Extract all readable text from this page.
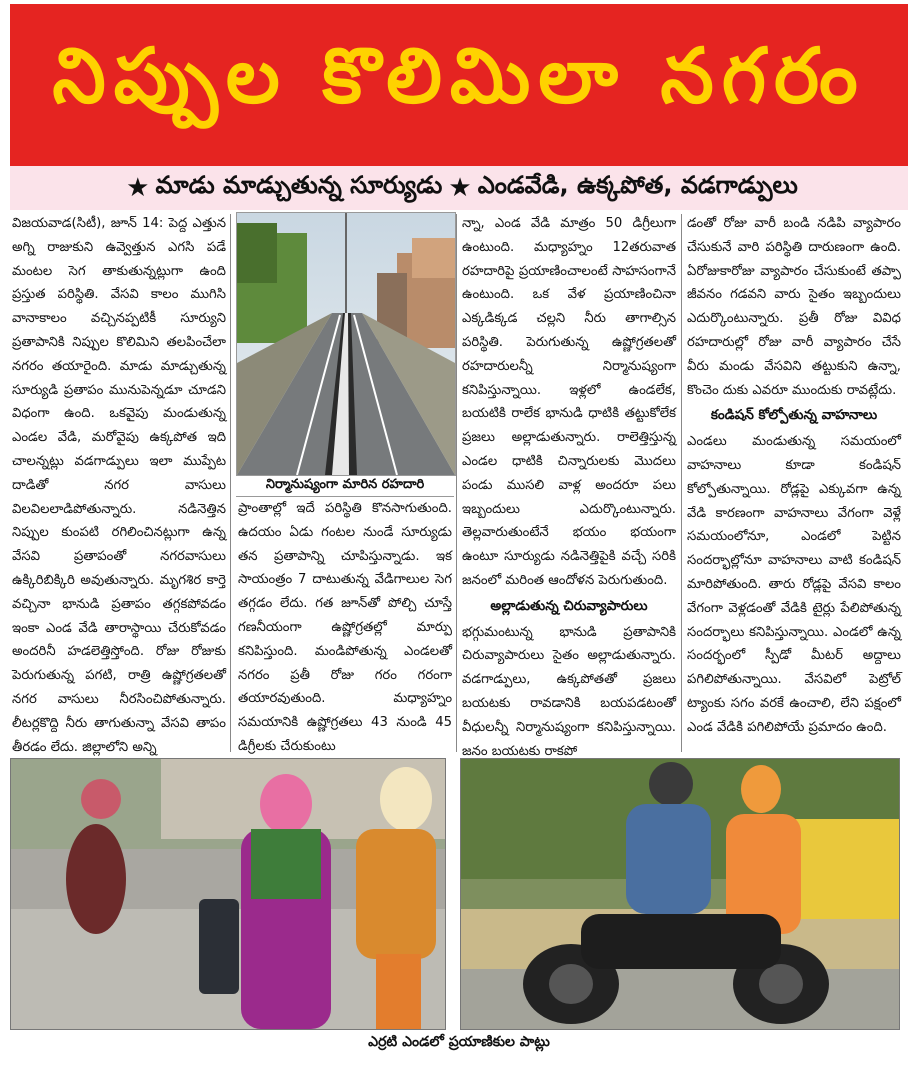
నిప్పుల కొలిమిలా నగరం
★ మాడు మాడ్చుతున్న సూర్యుడు ★ ఎండవేడి, ఉక్కపోత, వడగాడ్పులు

విజయవాడ(సిటీ), జూన్ 14: పెద్ద ఎత్తున అగ్ని రాజుకుని ఉవ్వెత్తున ఎగసి పడే మంటల సెగ తాకుతున్నట్లుగా ఉంది ప్రస్తుత పరిస్థితి. వేసవి కాలం ముగిసి వానాకాలం వచ్చినప్పటికీ సూర్యుని ప్రతాపానికి నిప్పుల కొలిమిని తలపించేలా నగరం తయారైంది. మాడు మాడ్చుతున్న సూర్యుడి ప్రతాపం మునుపెన్నడూ చూడని విధంగా ఉంది. ఒకవైపు మండుతున్న ఎండల వేడి, మరోవైపు ఉక్కపోత ఇది చాలన్నట్లు వడగాడ్పులు ఇలా ముప్పేట దాడితో నగర వాసులు విలవిలలాడిపోతున్నారు. నడినెత్తిన నిప్పుల కుంపటి రగిలించినట్లుగా ఉన్న వేసవి ప్రతాపంతో నగరవాసులు ఉక్కిరిబిక్కిరి అవుతున్నారు. మృగశిర కార్తె వచ్చినా భానుడి ప్రతాపం తగ్గకపోవడం ఇంకా ఎండ వేడి తారాస్థాయి చేరుకోవడం అందరినీ హడలెత్తిస్తోంది. రోజు రోజుకు పెరుగుతున్న పగటి, రాత్రి ఉష్ణోగ్రతలతో నగర వాసులు నీరసించిపోతున్నారు. లీటర్లకొద్ది నీరు తాగుతున్నా వేసవి తాపం తీరడం లేదు. జిల్లాలోని అన్ని

నిర్మానుష్యంగా మారిన రహదారి

ప్రాంతాల్లో ఇదే పరిస్థితి కొనసాగుతుంది. ఉదయం ఏడు గంటల నుండే సూర్యుడు తన ప్రతాపాన్ని చూపిస్తున్నాడు. ఇక సాయంత్రం 7 దాటుతున్న వేడిగాలుల సెగ తగ్గడం లేదు. గత జూన్‌తో పోల్చి చూస్తే గణనీయంగా ఉష్ణోగ్రతల్లో మార్పు కనిపిస్తుంది. మండిపోతున్న ఎండలతో నగరం ప్రతీ రోజు గరం గరంగా తయారవుతుంది. మధ్యాహ్నం సమయానికి ఉష్ణోగ్రతలు 43 నుండి 45 డిగ్రీలకు చేరుకుంటు

న్నా, ఎండ వేడి మాత్రం 50 డిగ్రీలుగా ఉంటుంది. మధ్యాహ్నం 12తరువాత రహదారిపై ప్రయాణించాలంటే సాహసంగానే ఉంటుంది. ఒక వేళ ప్రయాణించినా ఎక్కడిక్కడ చల్లని నీరు తాగాల్సిన పరిస్థితి. పెరుగుతున్న ఉష్ణోగ్రతలతో రహదారులన్నీ నిర్మానుష్యంగా కనిపిస్తున్నాయి. ఇళ్లలో ఉండలేక, బయటికి రాలేక భానుడి ధాటికి తట్టుకోలేక ప్రజలు అల్లాడుతున్నారు. రాలెత్తిస్తున్న ఎండల ధాటికి చిన్నారులకు మొదలు పండు ముసలి వాళ్ల అందరూ పలు ఇబ్బందులు ఎదుర్కొంటున్నారు. తెల్లవారుతుంటేనే భయం భయంగా ఉంటూ సూర్యుడు నడినెత్తిపైకి వచ్చే సరికి జనంలో మరింత ఆందోళన పెరుగుతుంది.

అల్లాడుతున్న చిరువ్యాపారులు

భగ్గుమంటున్న భానుడి ప్రతాపానికి చిరువ్యాపారులు సైతం అల్లాడుతున్నారు. వడగాడ్పులు, ఉక్కపోతతో ప్రజలు బయటకు రావడానికి బయపడటంతో వీధులన్నీ నిర్మానుష్యంగా కనిపిస్తున్నాయి. జనం బయటకు రాకపో

డంతో రోజు వారీ బండి నడిపి వ్యాపారం చేసుకునే వారి పరిస్థితి దారుణంగా ఉంది. ఏరోజుకారోజు వ్యాపారం చేసుకుంటే తప్పా జీవనం గడవని వారు సైతం ఇబ్బందులు ఎదుర్కొంటున్నారు. ప్రతీ రోజు వివిధ రహదారుల్లో రోజు వారీ వ్యాపారం చేసే వీరు మండు వేసవిని తట్టుకుని ఉన్నా, కొంచెం దుకు ఎవరూ ముందుకు రావట్లేదు.

కండిషన్ కోల్పోతున్న వాహనాలు

ఎండలు మండుతున్న సమయంలో వాహనాలు కూడా కండిషన్ కోల్పోతున్నాయి. రోడ్లపై ఎక్కువగా ఉన్న వేడి కారణంగా వాహనాలు వేగంగా వెళ్లే సమయంలోనూ, ఎండలో పెట్టిన సందర్భాల్లోనూ వాహనాలు వాటి కండిషన్ మారిపోతుంది. తారు రోడ్లపై వేసవి కాలం వేగంగా వెళ్లడంతో వేడికి టైర్లు పేలిపోతున్న సందర్భాలు కనిపిస్తున్నాయి. ఎండలో ఉన్న సందర్భంలో స్పీడో మీటర్ అద్దాలు పగిలిపోతున్నాయి. వేసవిలో పెట్రోల్ ట్యాంకు సగం వరకే ఉంచాలి, లేని పక్షంలో ఎండ వేడికి పగిలిపోయే ప్రమాదం ఉంది.

ఎర్రటి ఎండలో ప్రయాణికుల పాట్లు
